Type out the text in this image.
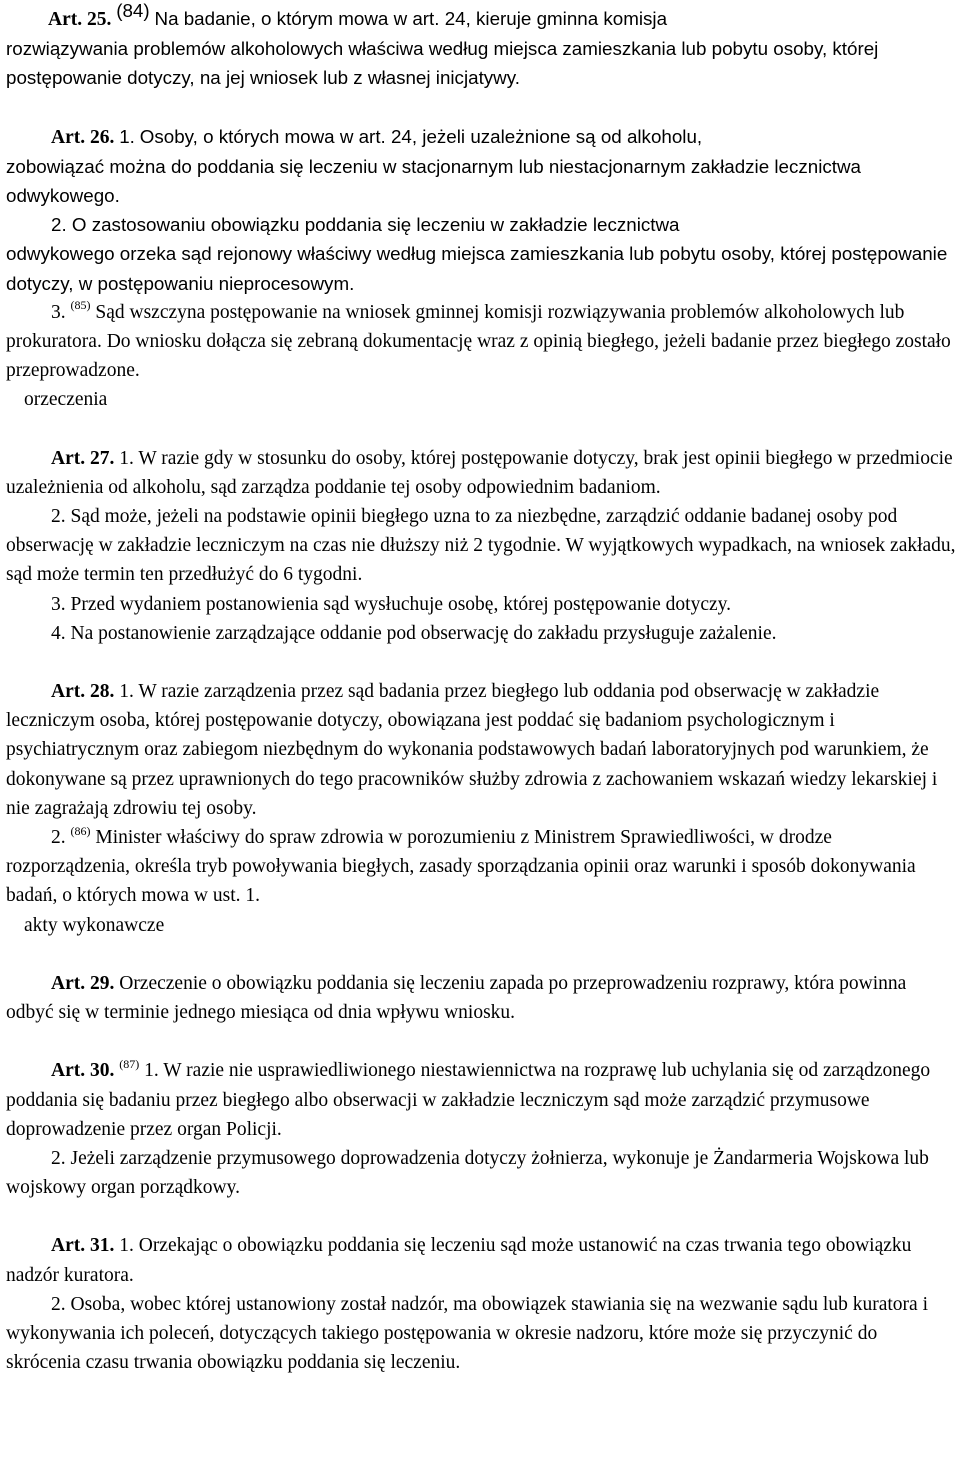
Art. 25. $^{(84)}$ Na badanie, o którym mowa w art. 24, kieruje gminna komisja
rozwiązywania problemów alkoholowych właściwa według miejsca zamieszkania lub pobytu osoby, której postępowanie dotyczy, na jej wniosek lub z własnej inicjatywy.
Art. 26. 1. Osoby, o których mowa w art. 24, jeżeli uzależnione są od alkoholu,
zobowiązać można do poddania się leczeniu w stacjonarnym lub niestacjonarnym zakładzie lecznictwa odwykowego.
2. O zastosowaniu obowiązku poddania się leczeniu w zakładzie lecznictwa
odwykowego orzeka sąd rejonowy właściwy według miejsca zamieszkania lub pobytu osoby, której postępowanie dotyczy, w postępowaniu nieprocesowym.
3. $^{(85)}$ Sąd wszczyna postępowanie na wniosek gminnej komisji rozwiązywania problemów alkoholowych lub prokuratora. Do wniosku dołącza się zebraną dokumentację wraz z opinią biegłego, jeżeli badanie przez biegłego zostało przeprowadzone.
orzeczenia
Art. 27. 1. W razie gdy w stosunku do osoby, której postępowanie dotyczy, brak jest opinii biegłego w przedmiocie uzależnienia od alkoholu, sąd zarządza poddanie tej osoby odpowiednim badaniom.
2. Sąd może, jeżeli na podstawie opinii biegłego uzna to za niezbędne, zarządzić oddanie badanej osoby pod obserwację w zakładzie leczniczym na czas nie dłuższy niż 2 tygodnie. W wyjątkowych wypadkach, na wniosek zakładu, sąd może termin ten przedłużyć do 6 tygodni.
3. Przed wydaniem postanowienia sąd wysłuchuje osobę, której postępowanie dotyczy.
4. Na postanowienie zarządzające oddanie pod obserwację do zakładu przysługuje zażalenie.
Art. 28. 1. W razie zarządzenia przez sąd badania przez biegłego lub oddania pod obserwację w zakładzie leczniczym osoba, której postępowanie dotyczy, obowiązana jest poddać się badaniom psychologicznym i psychiatrycznym oraz zabiegom niezbędnym do wykonania podstawowych badań laboratoryjnych pod warunkiem, że dokonywane są przez uprawnionych do tego pracowników służby zdrowia z zachowaniem wskazań wiedzy lekarskiej i nie zagrażają zdrowiu tej osoby.
2. $^{(86)}$ Minister właściwy do spraw zdrowia w porozumieniu z Ministrem Sprawiedliwości, w drodze rozporządzenia, określa tryb powoływania biegłych, zasady sporządzania opinii oraz warunki i sposób dokonywania badań, o których mowa w ust. 1.
akty wykonawcze
Art. 29. Orzeczenie o obowiązku poddania się leczeniu zapada po przeprowadzeniu rozprawy, która powinna odbyć się w terminie jednego miesiąca od dnia wpływu wniosku.
Art. 30. $^{(87)}$ 1. W razie nie usprawiedliwionego niestawiennictwa na rozprawę lub uchylania się od zarządzonego poddania się badaniu przez biegłego albo obserwacji w zakładzie leczniczym sąd może zarządzić przymusowe doprowadzenie przez organ Policji.
2. Jeżeli zarządzenie przymusowego doprowadzenia dotyczy żołnierza, wykonuje je Żandarmeria Wojskowa lub wojskowy organ porządkowy.
Art. 31. 1. Orzekając o obowiązku poddania się leczeniu sąd może ustanowić na czas trwania tego obowiązku nadzór kuratora.
2. Osoba, wobec której ustanowiony został nadzór, ma obowiązek stawiania się na wezwanie sądu lub kuratora i wykonywania ich poleceń, dotyczących takiego postępowania w okresie nadzoru, które może się przyczynić do skrócenia czasu trwania obowiązku poddania się leczeniu.
